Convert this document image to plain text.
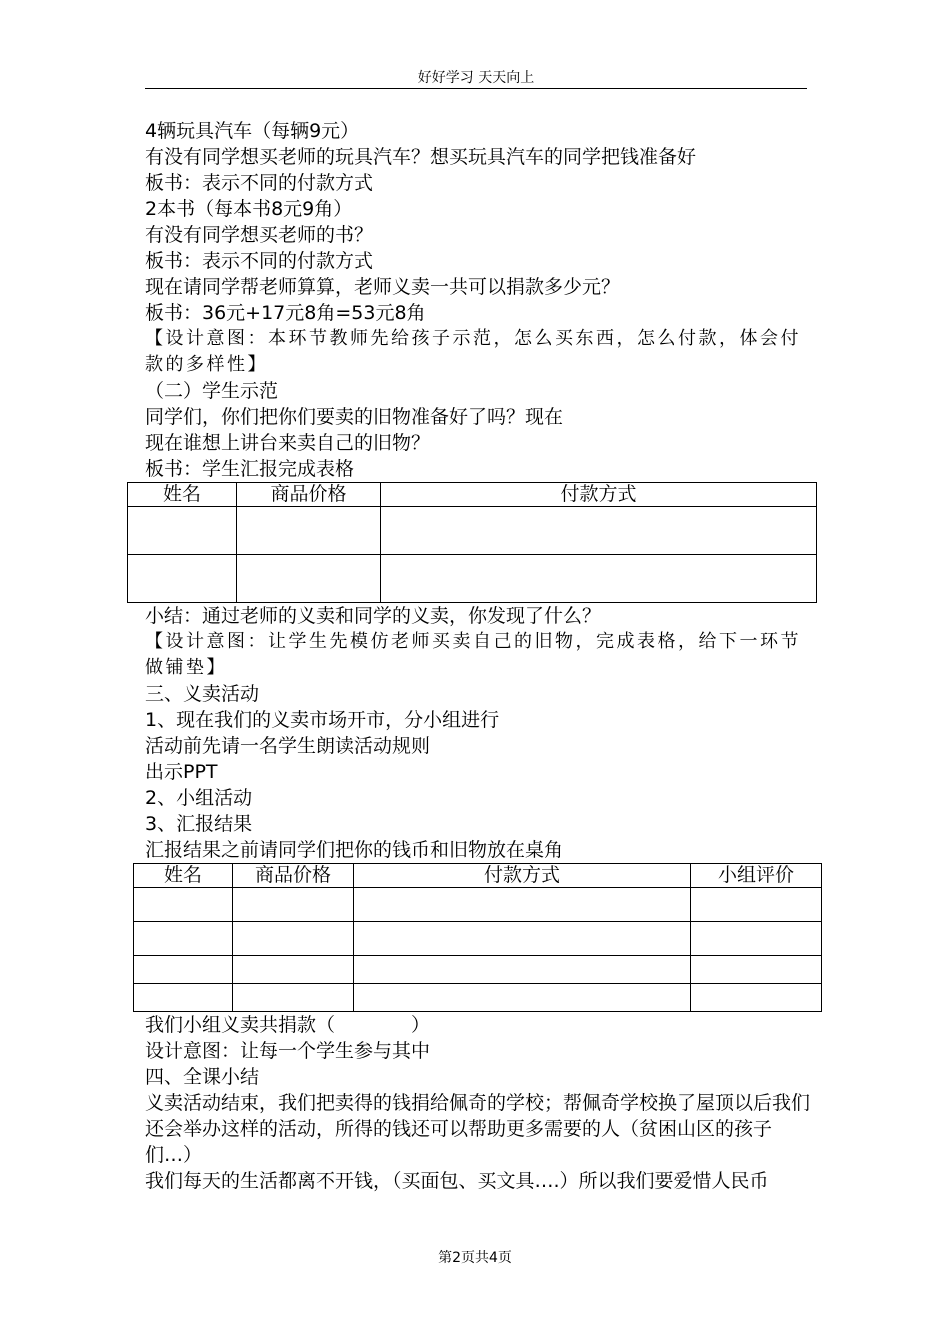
好好学习 天天向上
4辆玩具汽车（每辆9元）
有没有同学想买老师的玩具汽车？想买玩具汽车的同学把钱准备好
板书：表示不同的付款方式
2本书（每本书8元9角）
有没有同学想买老师的书？
板书：表示不同的付款方式
现在请同学帮老师算算，老师义卖一共可以捐款多少元？
板书：36元+17元8角=53元8角
【设计意图：本环节教师先给孩子示范，怎么买东西，怎么付款，体会付款的多样性】
（二）学生示范
同学们，你们把你们要卖的旧物准备好了吗？现在
现在谁想上讲台来卖自己的旧物？
板书：学生汇报完成表格
姓名	商品价格	付款方式

小结：通过老师的义卖和同学的义卖，你发现了什么？
【设计意图：让学生先模仿老师买卖自己的旧物，完成表格，给下一环节做铺垫】
三、义卖活动
1、现在我们的义卖市场开市，分小组进行
活动前先请一名学生朗读活动规则
出示PPT
2、小组活动
3、汇报结果
汇报结果之前请同学们把你的钱币和旧物放在桌角
姓名	商品价格	付款方式	小组评价

我们小组义卖共捐款（　　　　）
设计意图：让每一个学生参与其中
四、全课小结
义卖活动结束，我们把卖得的钱捐给佩奇的学校；帮佩奇学校换了屋顶以后我们还会举办这样的活动，所得的钱还可以帮助更多需要的人（贫困山区的孩子们…）
我们每天的生活都离不开钱，（买面包、买文具….）所以我们要爱惜人民币
第2页共4页
